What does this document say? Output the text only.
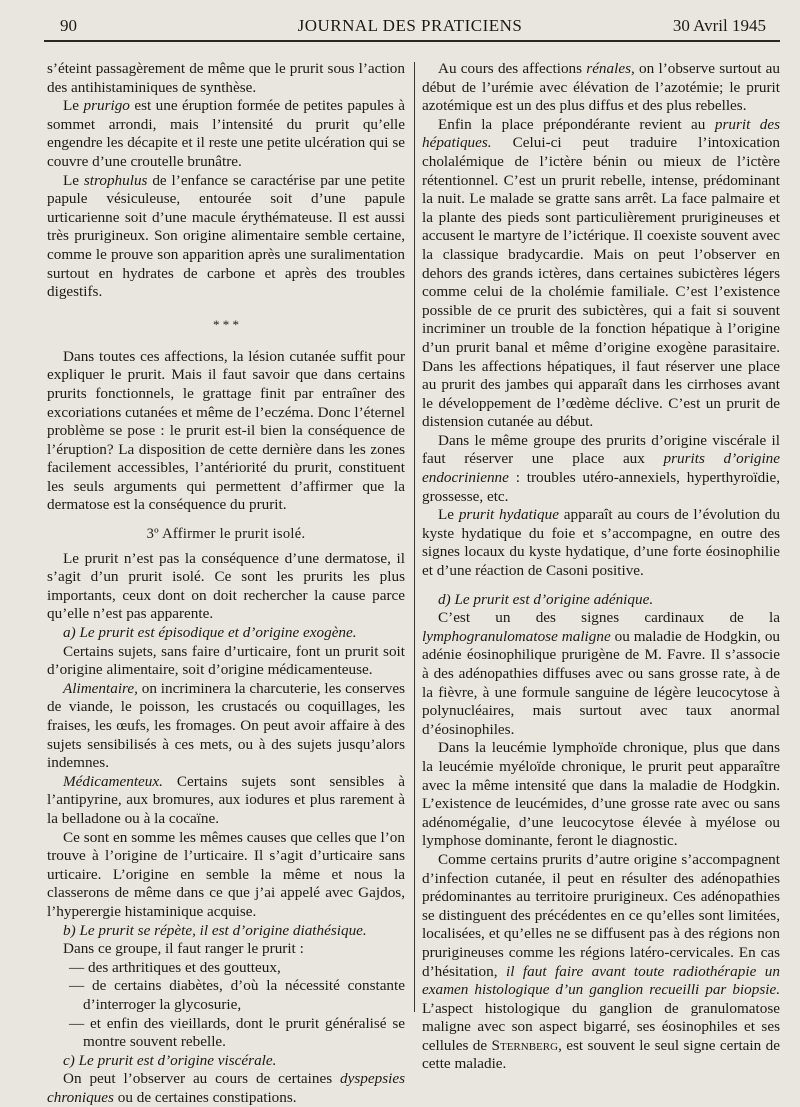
90	JOURNAL DES PRATICIENS	30 Avril 1945

s’éteint passagèrement de même que le prurit sous l’action des antihistaminiques de synthèse.

Le prurigo est une éruption formée de petites papules à sommet arrondi, mais l’intensité du prurit qu’elle engendre les décapite et il reste une petite ulcération qui se couvre d’une croutelle brunâtre.

Le strophulus de l’enfance se caractérise par une petite papule vésiculeuse, entourée soit d’une papule urticarienne soit d’une macule érythémateuse. Il est aussi très prurigineux. Son origine alimentaire semble certaine, comme le prouve son apparition après une suralimentation surtout en hydrates de carbone et après des troubles digestifs.

* * *

Dans toutes ces affections, la lésion cutanée suffit pour expliquer le prurit. Mais il faut savoir que dans certains prurits fonctionnels, le grattage finit par entraîner des excoriations cutanées et même de l’eczéma. Donc l’éternel problème se pose : le prurit est-il bien la conséquence de l’éruption? La disposition de cette dernière dans les zones facilement accessibles, l’antériorité du prurit, constituent les seuls arguments qui permettent d’affirmer que la dermatose est la conséquence du prurit.

3º Affirmer le prurit isolé.

Le prurit n’est pas la conséquence d’une dermatose, il s’agit d’un prurit isolé. Ce sont les prurits les plus importants, ceux dont on doit rechercher la cause parce qu’elle n’est pas apparente.

a) Le prurit est épisodique et d’origine exogène.

Certains sujets, sans faire d’urticaire, font un prurit soit d’origine alimentaire, soit d’origine médicamenteuse.

Alimentaire, on incriminera la charcuterie, les conserves de viande, le poisson, les crustacés ou coquillages, les fraises, les œufs, les fromages. On peut avoir affaire à des sujets sensibilisés à ces mets, ou à des sujets jusqu’alors indemnes.

Médicamenteux. Certains sujets sont sensibles à l’antipyrine, aux bromures, aux iodures et plus rarement à la belladone ou à la cocaïne.

Ce sont en somme les mêmes causes que celles que l’on trouve à l’origine de l’urticaire. Il s’agit d’urticaire sans urticaire. L’origine en semble la même et nous la classerons de même dans ce que j’ai appelé avec Gajdos, l’hyperergie histaminique acquise.

b) Le prurit se répète, il est d’origine diathésique.

Dans ce groupe, il faut ranger le prurit :

— des arthritiques et des goutteux,

— de certains diabètes, d’où la nécessité constante d’interroger la glycosurie,

— et enfin des vieillards, dont le prurit généralisé se montre souvent rebelle.

c) Le prurit est d’origine viscérale.

On peut l’observer au cours de certaines dyspepsies chroniques ou de certaines constipations.

Au cours des affections rénales, on l’observe surtout au début de l’urémie avec élévation de l’azotémie; le prurit azotémique est un des plus diffus et des plus rebelles.

Enfin la place prépondérante revient au prurit des hépatiques. Celui-ci peut traduire l’intoxication cholalémique de l’ictère bénin ou mieux de l’ictère rétentionnel. C’est un prurit rebelle, intense, prédominant la nuit. Le malade se gratte sans arrêt. La face palmaire et la plante des pieds sont particulièrement prurigineuses et accusent le martyre de l’ictérique. Il coexiste souvent avec la classique bradycardie. Mais on peut l’observer en dehors des grands ictères, dans certaines subictères légers comme celui de la cholémie familiale. C’est l’existence possible de ce prurit des subictères, qui a fait si souvent incriminer un trouble de la fonction hépatique à l’origine d’un prurit banal et même d’origine exogène parasitaire. Dans les affections hépatiques, il faut réserver une place au prurit des jambes qui apparaît dans les cirrhoses avant le développement de l’œdème déclive. C’est un prurit de distension cutanée au début.

Dans le même groupe des prurits d’origine viscérale il faut réserver une place aux prurits d’origine endocrinienne : troubles utéro-annexiels, hyperthyroïdie, grossesse, etc.

Le prurit hydatique apparaît au cours de l’évolution du kyste hydatique du foie et s’accompagne, en outre des signes locaux du kyste hydatique, d’une forte éosinophilie et d’une réaction de Casoni positive.

d) Le prurit est d’origine adénique.

C’est un des signes cardinaux de la lymphogranulomatose maligne ou maladie de Hodgkin, ou adénie éosinophilique prurigène de M. Favre. Il s’associe à des adénopathies diffuses avec ou sans grosse rate, à de la fièvre, à une formule sanguine de légère leucocytose à polynucléaires, mais surtout avec taux anormal d’éosinophiles.

Dans la leucémie lymphoïde chronique, plus que dans la leucémie myéloïde chronique, le prurit peut apparaître avec la même intensité que dans la maladie de Hodgkin. L’existence de leucémides, d’une grosse rate avec ou sans adénomégalie, d’une leucocytose élevée à myélose ou lymphose dominante, feront le diagnostic.

Comme certains prurits d’autre origine s’accompagnent d’infection cutanée, il peut en résulter des adénopathies prédominantes au territoire prurigineux. Ces adénopathies se distinguent des précédentes en ce qu’elles sont limitées, localisées, et qu’elles ne se diffusent pas à des régions non prurigineuses comme les régions latéro-cervicales. En cas d’hésitation, il faut faire avant toute radiothérapie un examen histologique d’un ganglion recueilli par biopsie. L’aspect histologique du ganglion de granulomatose maligne avec son aspect bigarré, ses éosinophiles et ses cellules de Sternberg, est souvent le seul signe certain de cette maladie.
